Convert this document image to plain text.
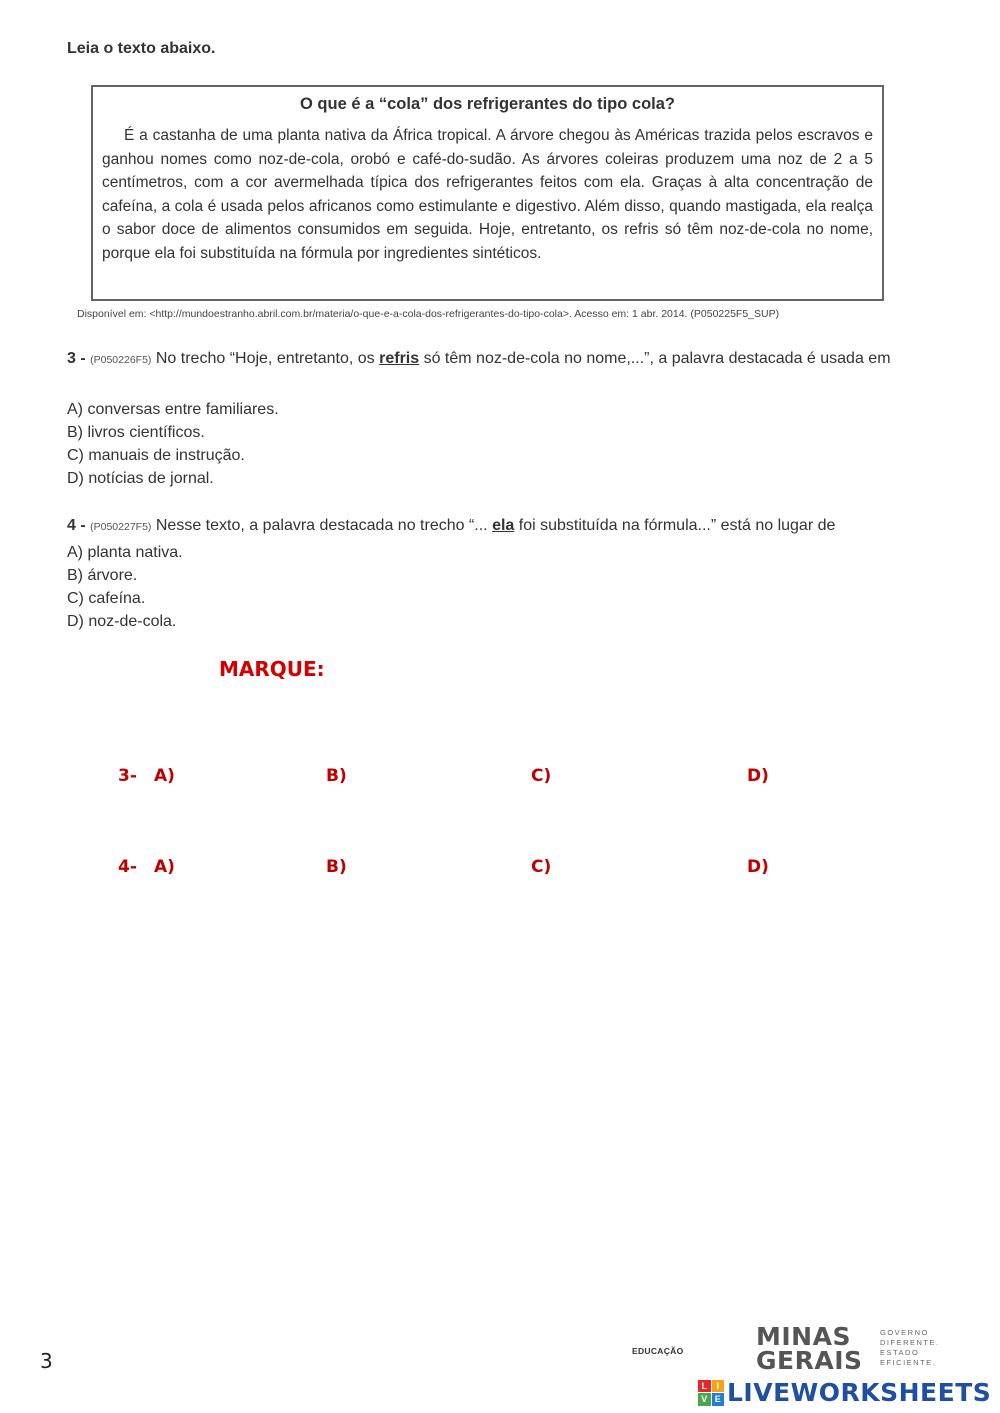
Leia o texto abaixo.

O que é a “cola” dos refrigerantes do tipo cola?

É a castanha de uma planta nativa da África tropical. A árvore chegou às Américas trazida pelos escravos e ganhou nomes como noz-de-cola, orobó e café-do-sudão. As árvores coleiras produzem uma noz de 2 a 5 centímetros, com a cor avermelhada típica dos refrigerantes feitos com ela. Graças à alta concentração de cafeína, a cola é usada pelos africanos como estimulante e digestivo. Além disso, quando mastigada, ela realça o sabor doce de alimentos consumidos em seguida. Hoje, entretanto, os refris só têm noz-de-cola no nome, porque ela foi substituída na fórmula por ingredientes sintéticos.

Disponível em: <http://mundoestranho.abril.com.br/materia/o-que-e-a-cola-dos-refrigerantes-do-tipo-cola>. Acesso em: 1 abr. 2014. (P050225F5_SUP)
3 - (P050226F5) No trecho “Hoje, entretanto, os refris só têm noz-de-cola no nome,...”, a palavra destacada é usada em
A) conversas entre familiares.
B) livros científicos.
C) manuais de instrução.
D) notícias de jornal.
4 - (P050227F5) Nesse texto, a palavra destacada no trecho “... ela foi substituída na fórmula...” está no lugar de
A) planta nativa.
B) árvore.
C) cafeína.
D) noz-de-cola.
MARQUE:
3- A)	B)	C)	D)
4- A)	B)	C)	D)
3	EDUCAÇÃO	MINAS
GERAIS
GOVERNO
DIFERENTE.
ESTADO
EFICIENTE.
L	I
V E LIVEWORKSHEETS
